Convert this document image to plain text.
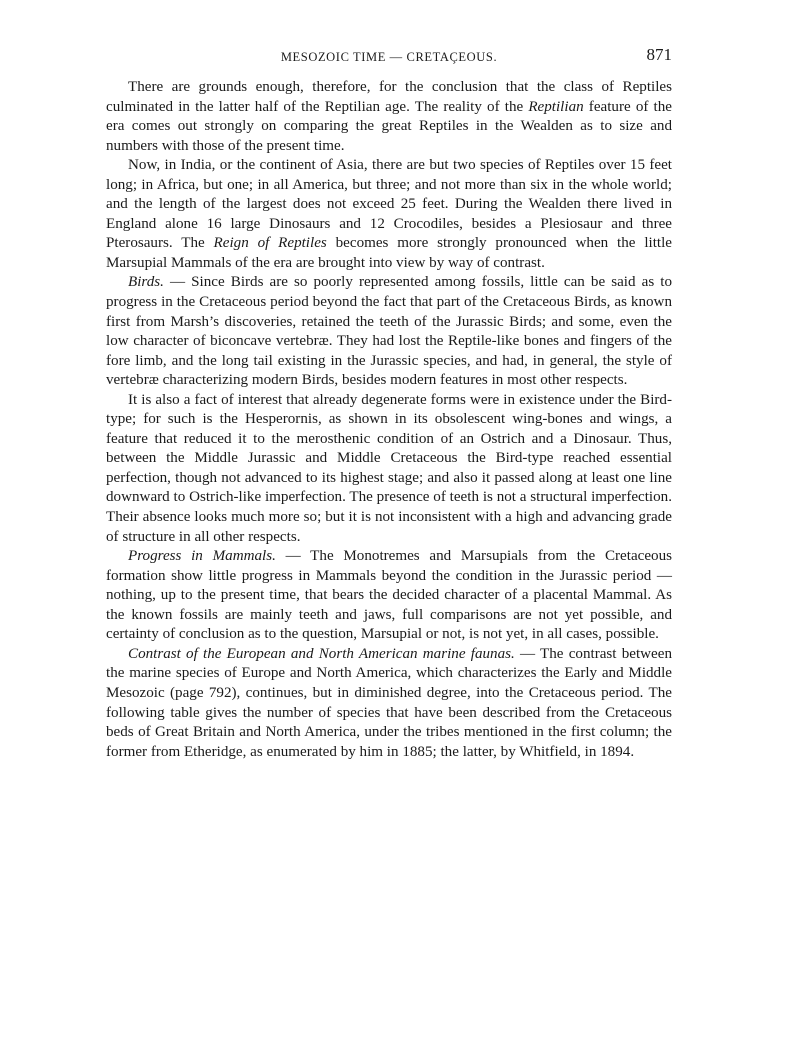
MESOZOIC TIME — CRETAÇEOUS.	871

There are grounds enough, therefore, for the conclusion that the class of Reptiles culminated in the latter half of the Reptilian age. The reality of the Reptilian feature of the era comes out strongly on comparing the great Reptiles in the Wealden as to size and numbers with those of the present time.

Now, in India, or the continent of Asia, there are but two species of Reptiles over 15 feet long; in Africa, but one; in all America, but three; and not more than six in the whole world; and the length of the largest does not exceed 25 feet. During the Wealden there lived in England alone 16 large Dinosaurs and 12 Crocodiles, besides a Plesiosaur and three Pterosaurs. The Reign of Reptiles becomes more strongly pronounced when the little Marsupial Mammals of the era are brought into view by way of contrast.

Birds. — Since Birds are so poorly represented among fossils, little can be said as to progress in the Cretaceous period beyond the fact that part of the Cretaceous Birds, as known first from Marsh’s discoveries, retained the teeth of the Jurassic Birds; and some, even the low character of biconcave vertebræ. They had lost the Reptile-like bones and fingers of the fore limb, and the long tail existing in the Jurassic species, and had, in general, the style of vertebræ characterizing modern Birds, besides modern features in most other respects.

It is also a fact of interest that already degenerate forms were in existence under the Bird-type; for such is the Hesperornis, as shown in its obsolescent wing-bones and wings, a feature that reduced it to the merosthenic condition of an Ostrich and a Dinosaur. Thus, between the Middle Jurassic and Middle Cretaceous the Bird-type reached essential perfection, though not advanced to its highest stage; and also it passed along at least one line downward to Ostrich-like imperfection. The presence of teeth is not a structural imperfection. Their absence looks much more so; but it is not inconsistent with a high and advancing grade of structure in all other respects.

Progress in Mammals. — The Monotremes and Marsupials from the Cretaceous formation show little progress in Mammals beyond the condition in the Jurassic period — nothing, up to the present time, that bears the decided character of a placental Mammal. As the known fossils are mainly teeth and jaws, full comparisons are not yet possible, and certainty of conclusion as to the question, Marsupial or not, is not yet, in all cases, possible.

Contrast of the European and North American marine faunas. — The contrast between the marine species of Europe and North America, which characterizes the Early and Middle Mesozoic (page 792), continues, but in diminished degree, into the Cretaceous period. The following table gives the number of species that have been described from the Cretaceous beds of Great Britain and North America, under the tribes mentioned in the first column; the former from Etheridge, as enumerated by him in 1885; the latter, by Whitfield, in 1894.
